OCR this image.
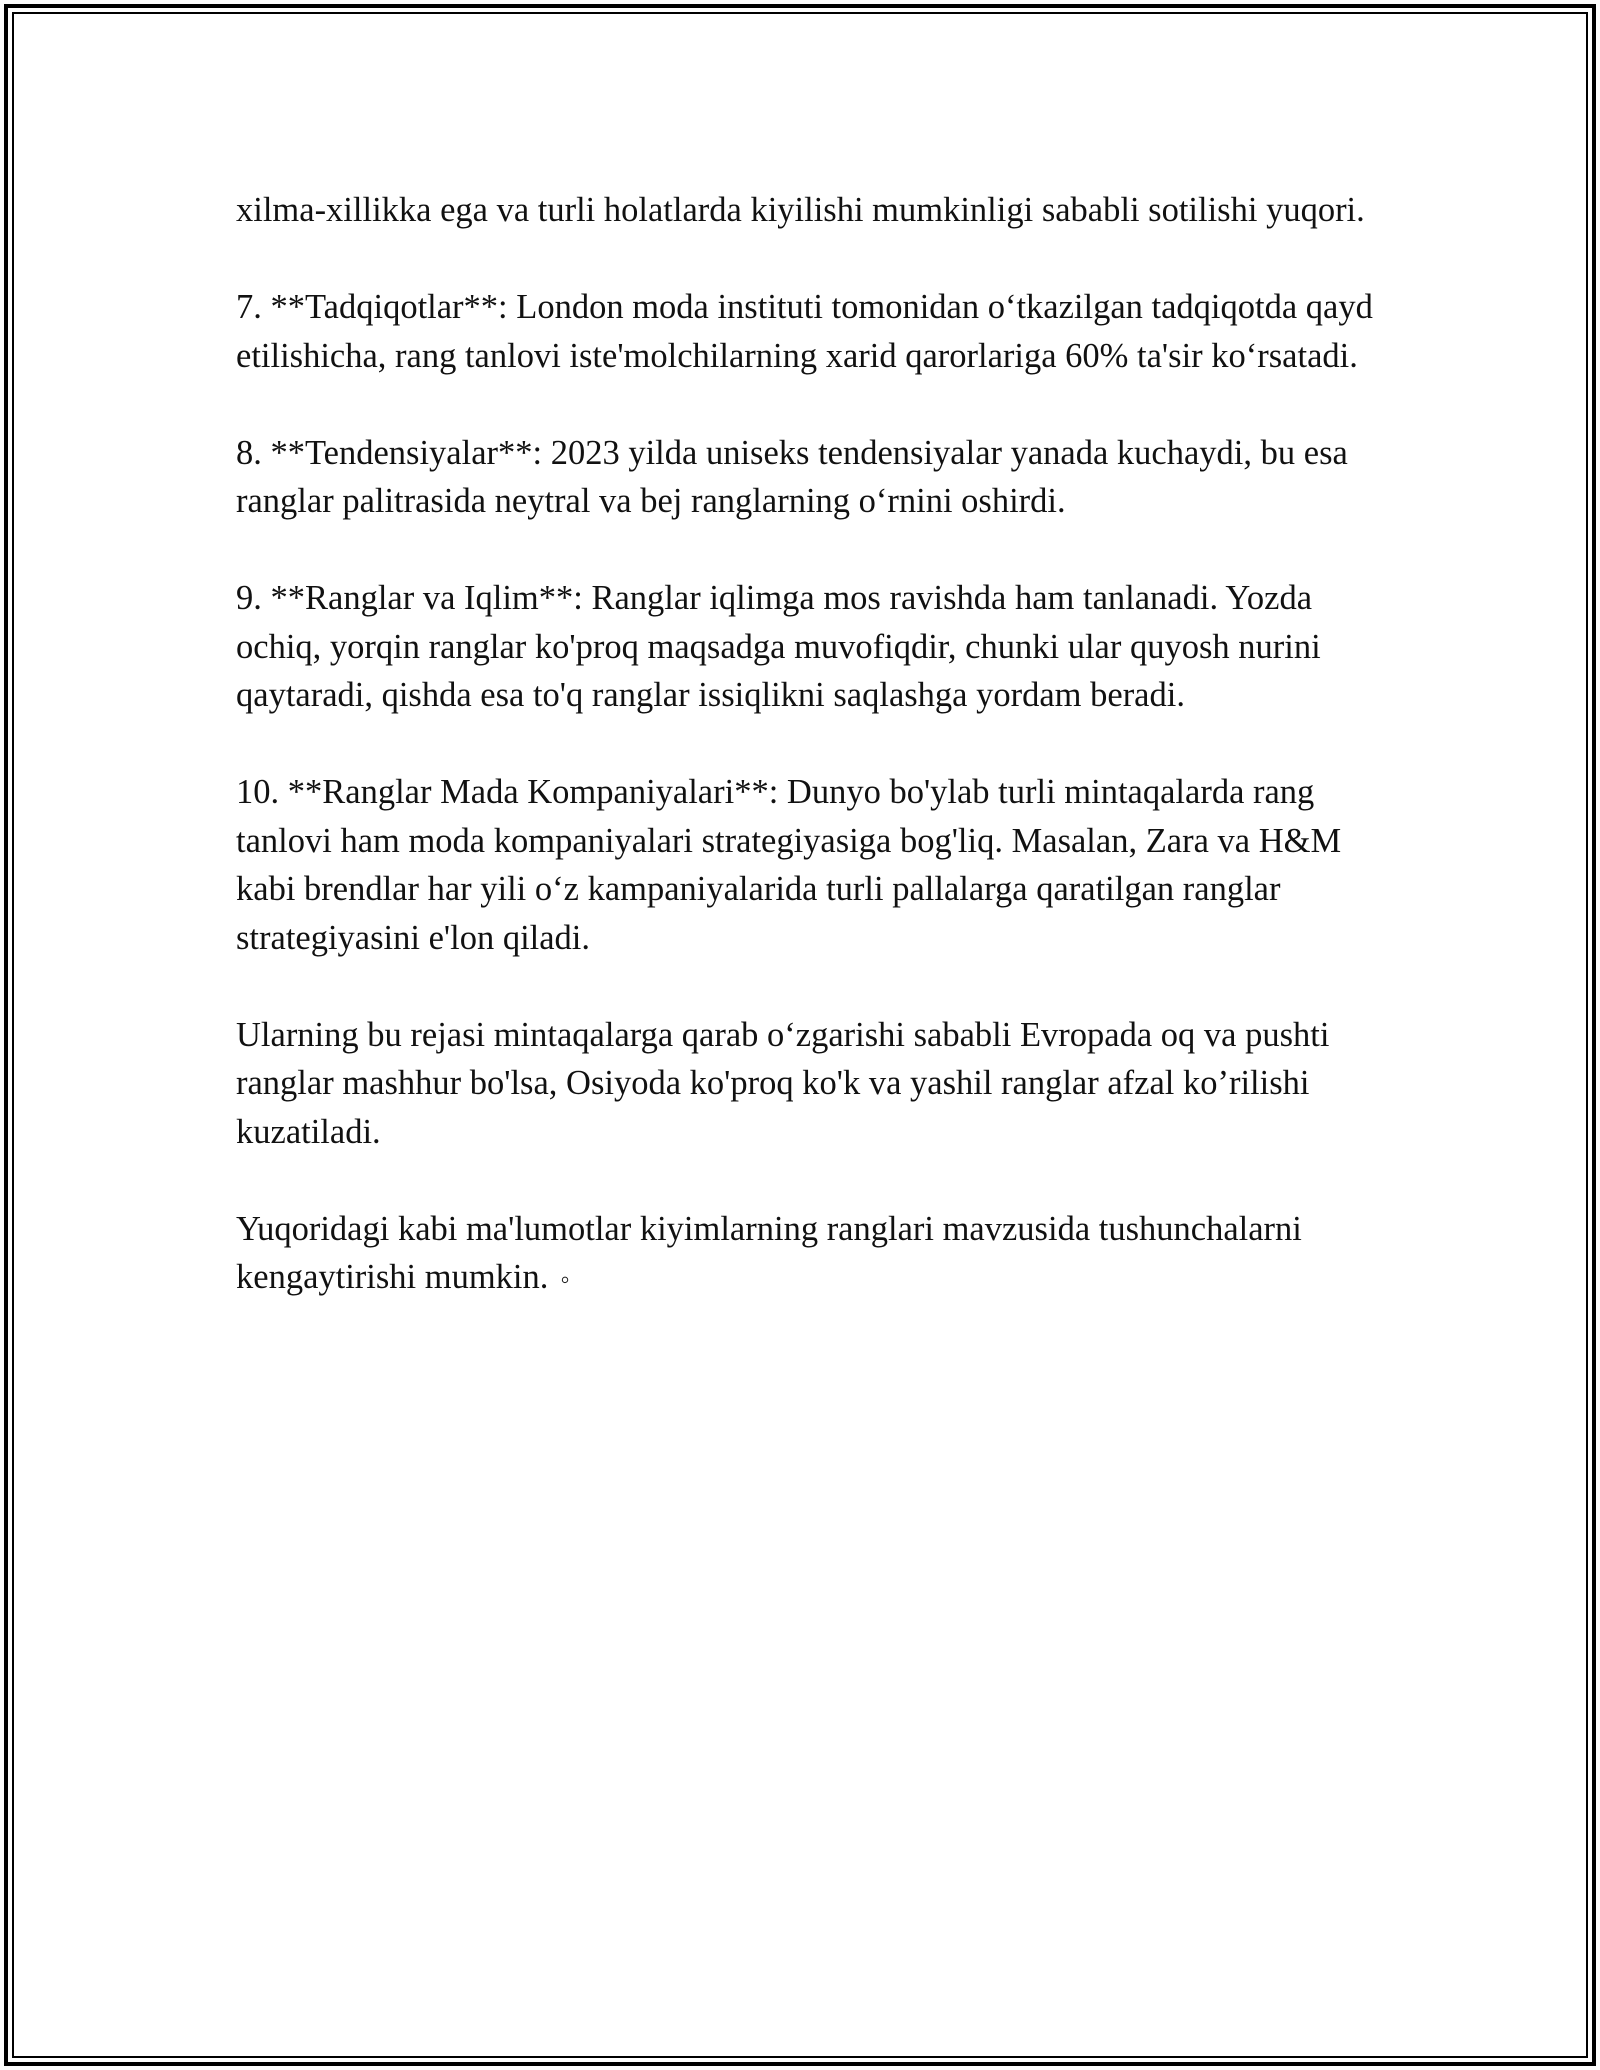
xilma-xillikka ega va turli holatlarda kiyilishi mumkinligi sababli sotilishi yuqori.

7. **Tadqiqotlar**: London moda instituti tomonidan o‘tkazilgan tadqiqotda qayd etilishicha, rang tanlovi iste'molchilarning xarid qarorlariga 60% ta'sir ko‘rsatadi.

8. **Tendensiyalar**: 2023 yilda uniseks tendensiyalar yanada kuchaydi, bu esa ranglar palitrasida neytral va bej ranglarning o‘rnini oshirdi.

9. **Ranglar va Iqlim**: Ranglar iqlimga mos ravishda ham tanlanadi. Yozda ochiq, yorqin ranglar ko'proq maqsadga muvofiqdir, chunki ular quyosh nurini qaytaradi, qishda esa to'q ranglar issiqlikni saqlashga yordam beradi.

10. **Ranglar Mada Kompaniyalari**: Dunyo bo'ylab turli mintaqalarda rang tanlovi ham moda kompaniyalari strategiyasiga bog'liq. Masalan, Zara va H&M kabi brendlar har yili o‘z kampaniyalarida turli pallalarga qaratilgan ranglar strategiyasini e'lon qiladi.

Ularning bu rejasi mintaqalarga qarab o‘zgarishi sababli Evropada oq va pushti ranglar mashhur bo'lsa, Osiyoda ko'proq ko'k va yashil ranglar afzal ko’rilishi kuzatiladi.

Yuqoridagi kabi ma'lumotlar kiyimlarning ranglari mavzusida tushunchalarni kengaytirishi mumkin. ◦
